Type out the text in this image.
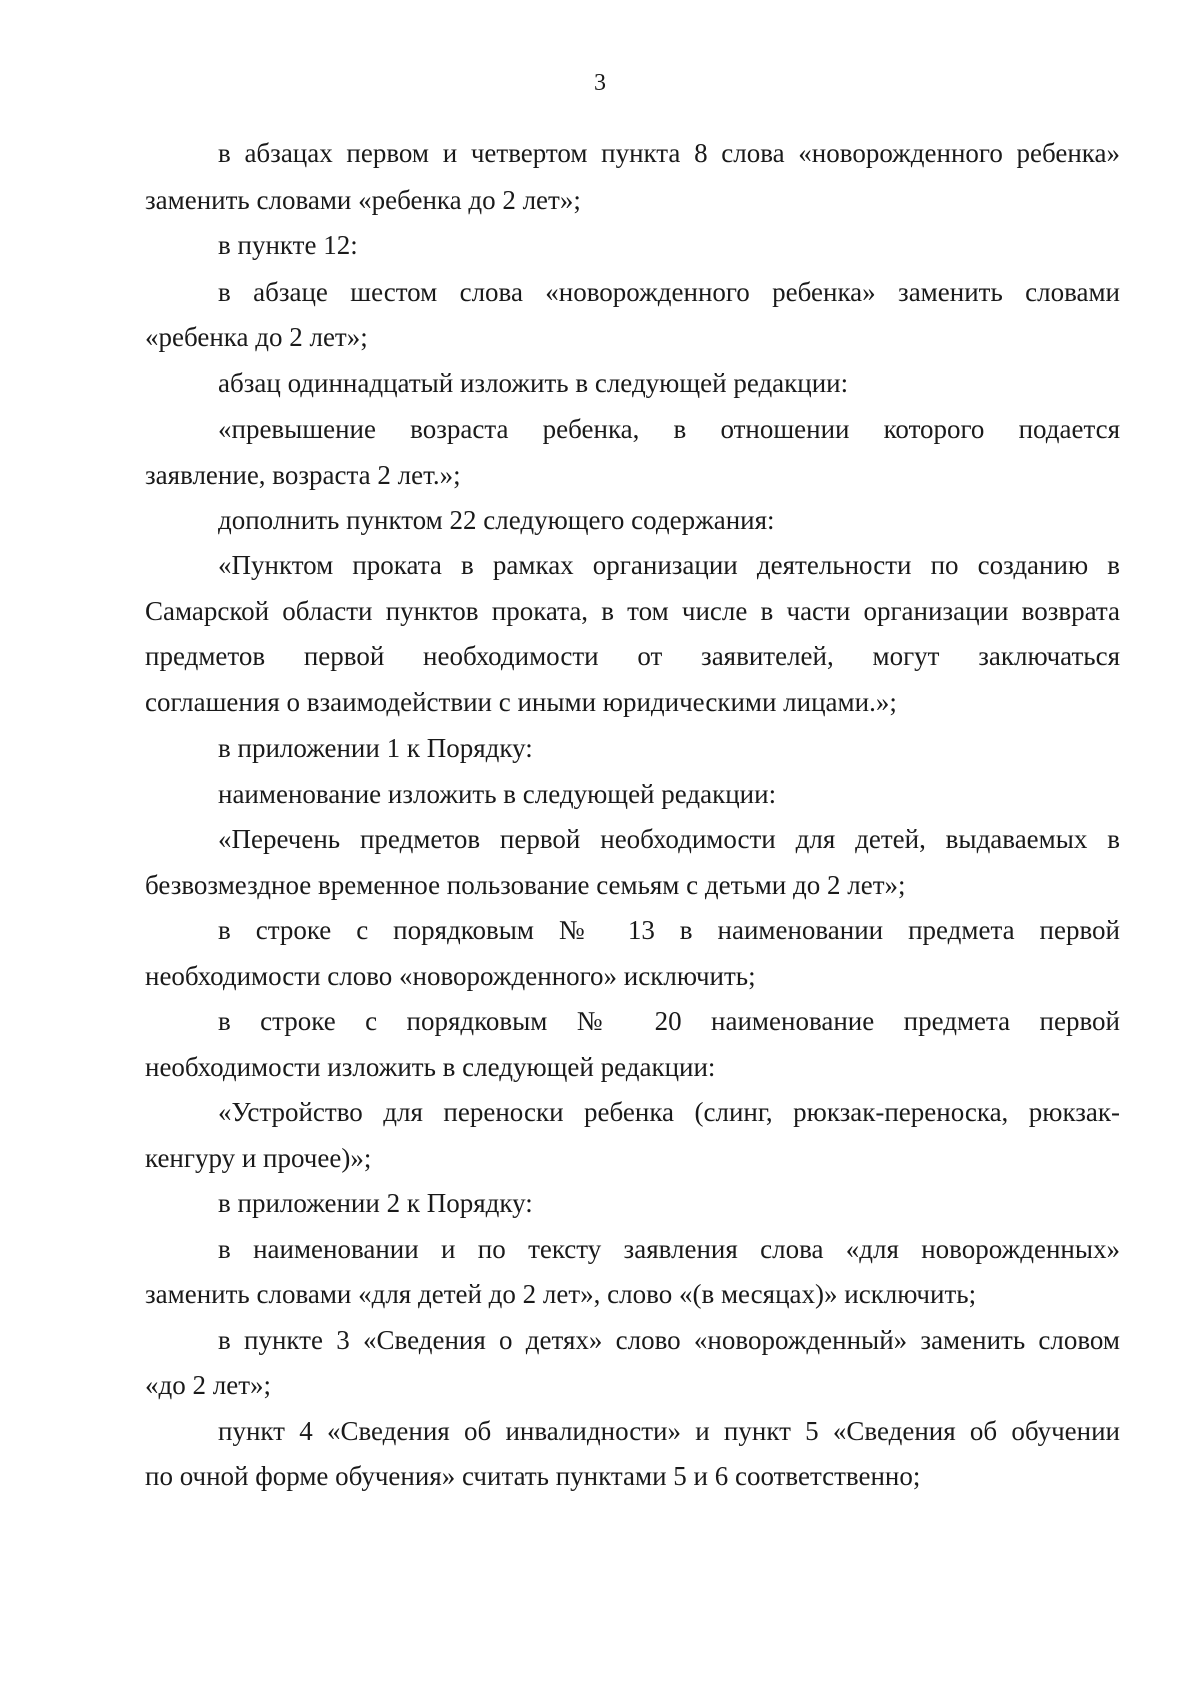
3
в абзацах первом и четвертом пункта 8 слова «новорожденного ребенка»
заменить словами «ребенка до 2 лет»;
в пункте 12:
в абзаце шестом слова «новорожденного ребенка» заменить словами
«ребенка до 2 лет»;
абзац одиннадцатый изложить в следующей редакции:
«превышение возраста ребенка, в отношении которого подается
заявление, возраста 2 лет.»;
дополнить пунктом 22 следующего содержания:
«Пунктом проката в рамках организации деятельности по созданию в
Самарской области пунктов проката, в том числе в части организации возврата
предметов первой необходимости от заявителей, могут заключаться
соглашения о взаимодействии с иными юридическими лицами.»;
в приложении 1 к Порядку:
наименование изложить в следующей редакции:
«Перечень предметов первой необходимости для детей, выдаваемых в
безвозмездное временное пользование семьям с детьми до 2 лет»;
в строке с порядковым № 13 в наименовании предмета первой
необходимости слово «новорожденного» исключить;
в строке с порядковым № 20 наименование предмета первой
необходимости изложить в следующей редакции:
«Устройство для переноски ребенка (слинг, рюкзак-переноска, рюкзак-
кенгуру и прочее)»;
в приложении 2 к Порядку:
в наименовании и по тексту заявления слова «для новорожденных»
заменить словами «для детей до 2 лет», слово «(в месяцах)» исключить;
в пункте 3 «Сведения о детях» слово «новорожденный» заменить словом
«до 2 лет»;
пункт 4 «Сведения об инвалидности» и пункт 5 «Сведения об обучении
по очной форме обучения» считать пунктами 5 и 6 соответственно;
